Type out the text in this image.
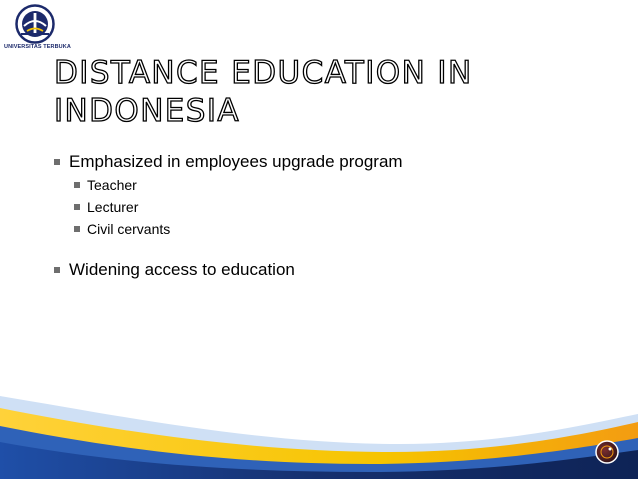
UNIVERSITAS TERBUKA
DISTANCE EDUCATION IN INDONESIA
Emphasized in employees upgrade program
Teacher
Lecturer
Civil cervants
Widening access to education
